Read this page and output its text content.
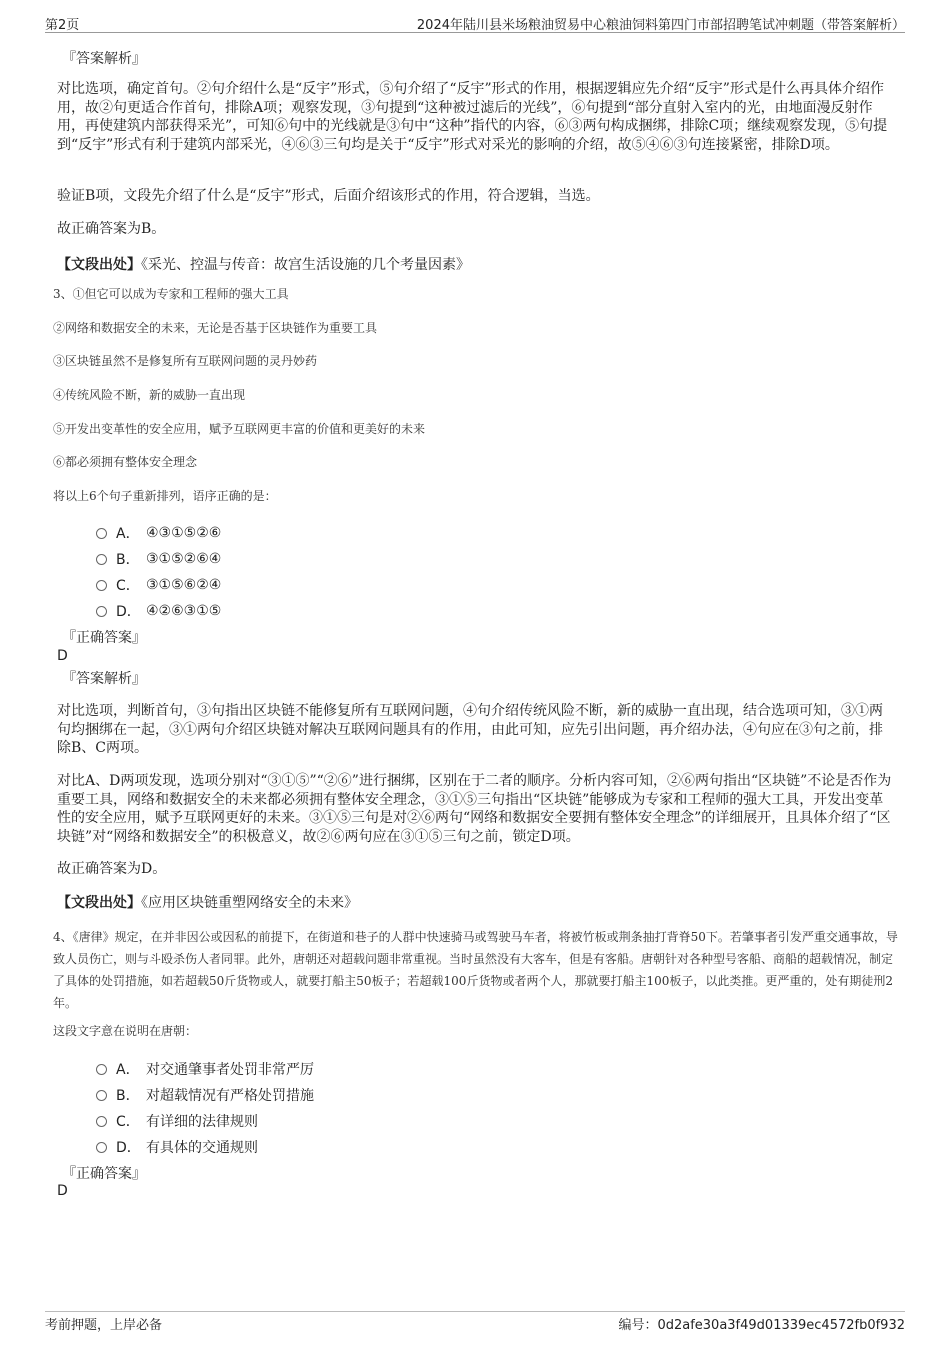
第2页	2024年陆川县米场粮油贸易中心粮油饲料第四门市部招聘笔试冲刺题（带答案解析）
『答案解析』
对比选项，确定首句。②句介绍什么是“反宇”形式，⑤句介绍了“反宇”形式的作用，根据逻辑应先介绍“反宇”形式是什么再具体介绍作用，故②句更适合作首句，排除A项；观察发现，③句提到“这种被过滤后的光线”，⑥句提到“部分直射入室内的光，由地面漫反射作用，再使建筑内部获得采光”，可知⑥句中的光线就是③句中“这种”指代的内容，⑥③两句构成捆绑，排除C项；继续观察发现，⑤句提到“反宇”形式有利于建筑内部采光，④⑥③三句均是关于“反宇”形式对采光的影响的介绍，故⑤④⑥③句连接紧密，排除D项。
验证B项，文段先介绍了什么是“反宇”形式，后面介绍该形式的作用，符合逻辑，当选。
故正确答案为B。
【文段出处】《采光、控温与传音：故宫生活设施的几个考量因素》
3、①但它可以成为专家和工程师的强大工具
②网络和数据安全的未来，无论是否基于区块链作为重要工具
③区块链虽然不是修复所有互联网问题的灵丹妙药
④传统风险不断，新的威胁一直出现
⑤开发出变革性的安全应用，赋予互联网更丰富的价值和更美好的未来
⑥都必须拥有整体安全理念
将以上6个句子重新排列，语序正确的是：
A． ④③①⑤②⑥
B． ③①⑤②⑥④
C． ③①⑤⑥②④
D． ④②⑥③①⑤
『正确答案』
D
『答案解析』
对比选项，判断首句，③句指出区块链不能修复所有互联网问题，④句介绍传统风险不断，新的威胁一直出现，结合选项可知，③①两句均捆绑在一起，③①两句介绍区块链对解决互联网问题具有的作用，由此可知，应先引出问题，再介绍办法，④句应在③句之前，排除B、C两项。
对比A、D两项发现，选项分别对“③①⑤”“②⑥”进行捆绑，区别在于二者的顺序。分析内容可知，②⑥两句指出“区块链”不论是否作为重要工具，网络和数据安全的未来都必须拥有整体安全理念，③①⑤三句指出“区块链”能够成为专家和工程师的强大工具，开发出变革性的安全应用，赋予互联网更好的未来。③①⑤三句是对②⑥两句“网络和数据安全要拥有整体安全理念”的详细展开，且具体介绍了“区块链”对“网络和数据安全”的积极意义，故②⑥两句应在③①⑤三句之前，锁定D项。
故正确答案为D。
【文段出处】《应用区块链重塑网络安全的未来》
4、《唐律》规定，在并非因公或因私的前提下，在街道和巷子的人群中快速骑马或驾驶马车者，将被竹板或荆条抽打背脊50下。若肇事者引发严重交通事故，导致人员伤亡，则与斗殴杀伤人者同罪。此外，唐朝还对超载问题非常重视。当时虽然没有大客车，但是有客船。唐朝针对各种型号客船、商船的超载情况，制定了具体的处罚措施，如若超载50斤货物或人，就要打船主50板子；若超载100斤货物或者两个人，那就要打船主100板子，以此类推。更严重的，处有期徒刑2年。
这段文字意在说明在唐朝：
A． 对交通肇事者处罚非常严厉
B． 对超载情况有严格处罚措施
C． 有详细的法律规则
D． 有具体的交通规则
『正确答案』
D
考前押题，上岸必备	编号：0d2afe30a3f49d01339ec4572fb0f932
